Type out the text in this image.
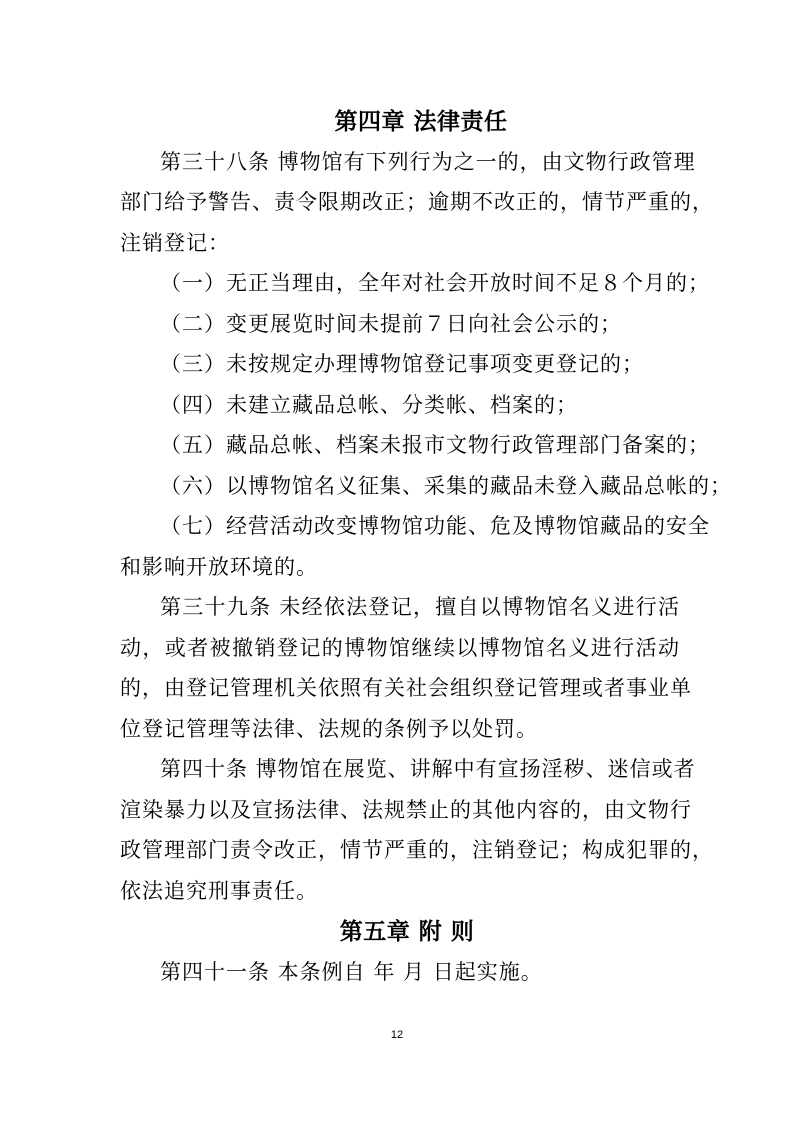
第四章 法律责任
第三十八条 博物馆有下列行为之一的，由文物行政管理
部门给予警告、责令限期改正；逾期不改正的，情节严重的，
注销登记：
（一）无正当理由，全年对社会开放时间不足８个月的；
（二）变更展览时间未提前７日向社会公示的；
（三）未按规定办理博物馆登记事项变更登记的；
（四）未建立藏品总帐、分类帐、档案的；
（五）藏品总帐、档案未报市文物行政管理部门备案的；
（六）以博物馆名义征集、采集的藏品未登入藏品总帐的；
（七）经营活动改变博物馆功能、危及博物馆藏品的安全
和影响开放环境的。
第三十九条 未经依法登记，擅自以博物馆名义进行活
动，或者被撤销登记的博物馆继续以博物馆名义进行活动
的，由登记管理机关依照有关社会组织登记管理或者事业单
位登记管理等法律、法规的条例予以处罚。
第四十条 博物馆在展览、讲解中有宣扬淫秽、迷信或者
渲染暴力以及宣扬法律、法规禁止的其他内容的，由文物行
政管理部门责令改正，情节严重的，注销登记；构成犯罪的，
依法追究刑事责任。
第五章 附 则
第四十一条 本条例自 年 月 日起实施。
12
